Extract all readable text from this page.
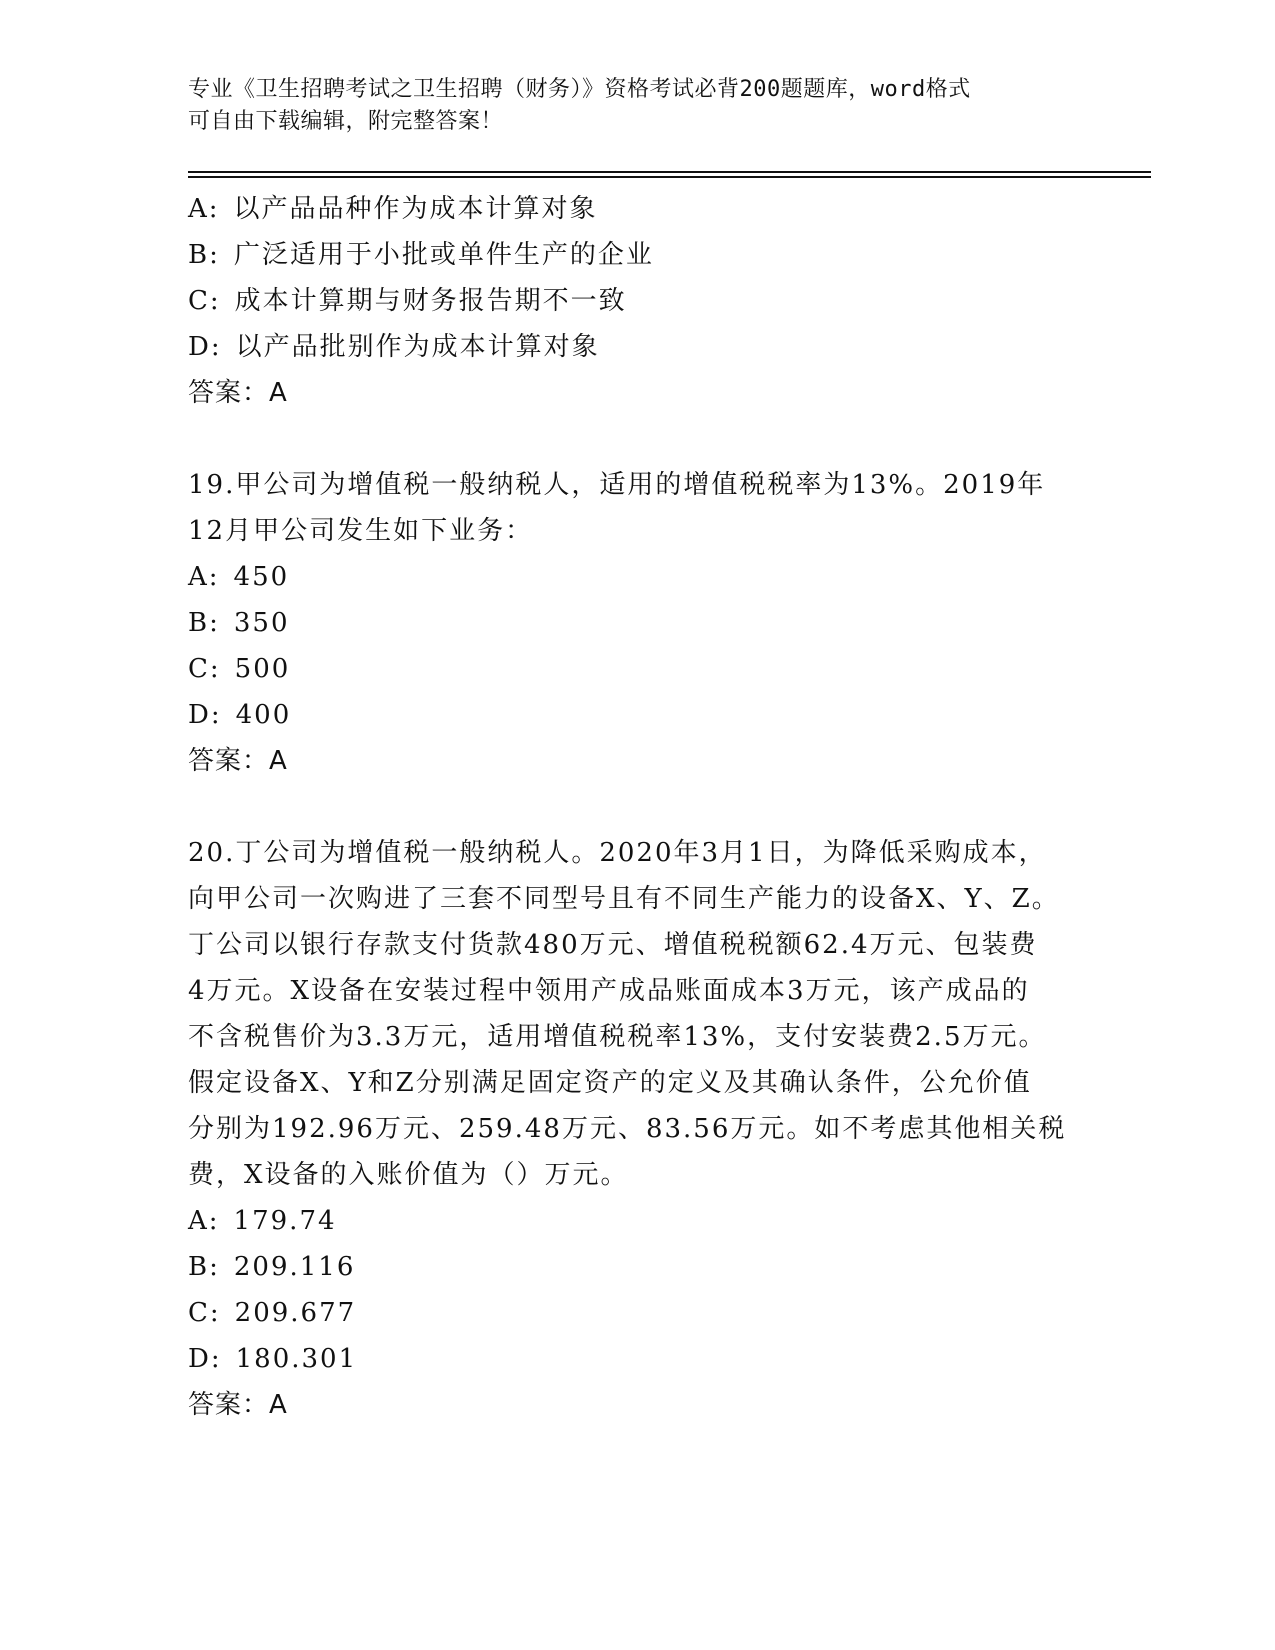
专业《卫生招聘考试之卫生招聘（财务）》资格考试必背200题题库，word格式
可自由下载编辑，附完整答案！
A: 以产品品种作为成本计算对象
B: 广泛适用于小批或单件生产的企业
C: 成本计算期与财务报告期不一致
D: 以产品批别作为成本计算对象
答案：A
19.甲公司为增值税一般纳税人，适用的增值税税率为13%。2019年
12月甲公司发生如下业务：
A: 450
B: 350
C: 500
D: 400
答案：A
20.丁公司为增值税一般纳税人。2020年3月1日，为降低采购成本，
向甲公司一次购进了三套不同型号且有不同生产能力的设备X、Y、Z。
丁公司以银行存款支付货款480万元、增值税税额62.4万元、包装费
4万元。X设备在安装过程中领用产成品账面成本3万元，该产成品的
不含税售价为3.3万元，适用增值税税率13%，支付安装费2.5万元。
假定设备X、Y和Z分别满足固定资产的定义及其确认条件，公允价值
分别为192.96万元、259.48万元、83.56万元。如不考虑其他相关税
费，X设备的入账价值为（）万元。
A: 179.74
B: 209.116
C: 209.677
D: 180.301
答案：A
